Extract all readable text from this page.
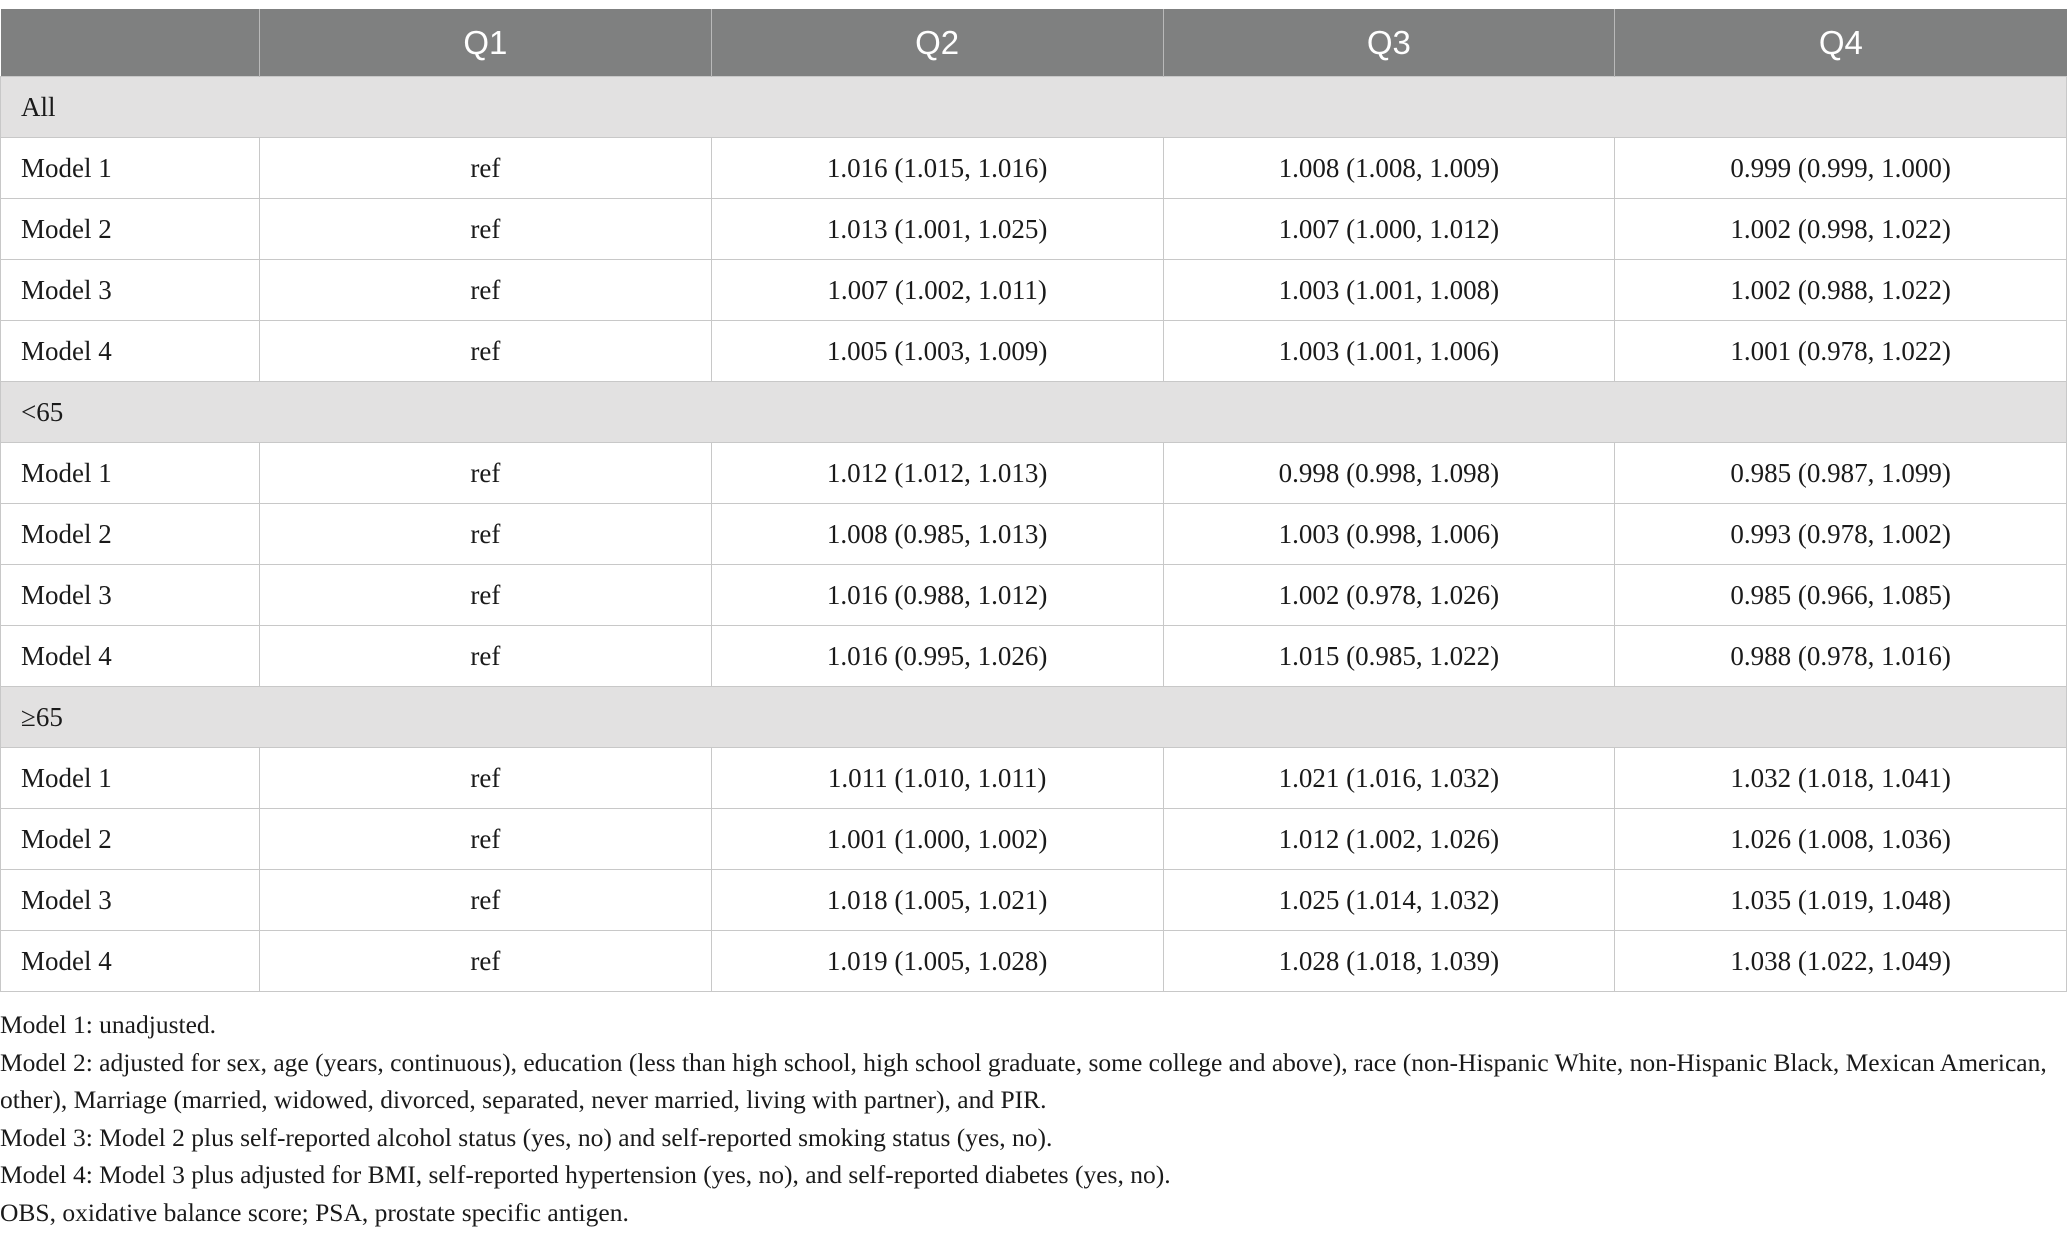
	Q1	Q2	Q3	Q4
All				
Model 1	ref	1.016 (1.015, 1.016)	1.008 (1.008, 1.009)	0.999 (0.999, 1.000)
Model 2	ref	1.013 (1.001, 1.025)	1.007 (1.000, 1.012)	1.002 (0.998, 1.022)
Model 3	ref	1.007 (1.002, 1.011)	1.003 (1.001, 1.008)	1.002 (0.988, 1.022)
Model 4	ref	1.005 (1.003, 1.009)	1.003 (1.001, 1.006)	1.001 (0.978, 1.022)
<65				
Model 1	ref	1.012 (1.012, 1.013)	0.998 (0.998, 1.098)	0.985 (0.987, 1.099)
Model 2	ref	1.008 (0.985, 1.013)	1.003 (0.998, 1.006)	0.993 (0.978, 1.002)
Model 3	ref	1.016 (0.988, 1.012)	1.002 (0.978, 1.026)	0.985 (0.966, 1.085)
Model 4	ref	1.016 (0.995, 1.026)	1.015 (0.985, 1.022)	0.988 (0.978, 1.016)
≥65				
Model 1	ref	1.011 (1.010, 1.011)	1.021 (1.016, 1.032)	1.032 (1.018, 1.041)
Model 2	ref	1.001 (1.000, 1.002)	1.012 (1.002, 1.026)	1.026 (1.008, 1.036)
Model 3	ref	1.018 (1.005, 1.021)	1.025 (1.014, 1.032)	1.035 (1.019, 1.048)
Model 4	ref	1.019 (1.005, 1.028)	1.028 (1.018, 1.039)	1.038 (1.022, 1.049)

Model 1: unadjusted.

Model 2: adjusted for sex, age (years, continuous), education (less than high school, high school graduate, some college and above), race (non-Hispanic White, non-Hispanic Black, Mexican American, other), Marriage (married, widowed, divorced, separated, never married, living with partner), and PIR.

Model 3: Model 2 plus self-reported alcohol status (yes, no) and self-reported smoking status (yes, no).

Model 4: Model 3 plus adjusted for BMI, self-reported hypertension (yes, no), and self-reported diabetes (yes, no).

OBS, oxidative balance score; PSA, prostate specific antigen.
